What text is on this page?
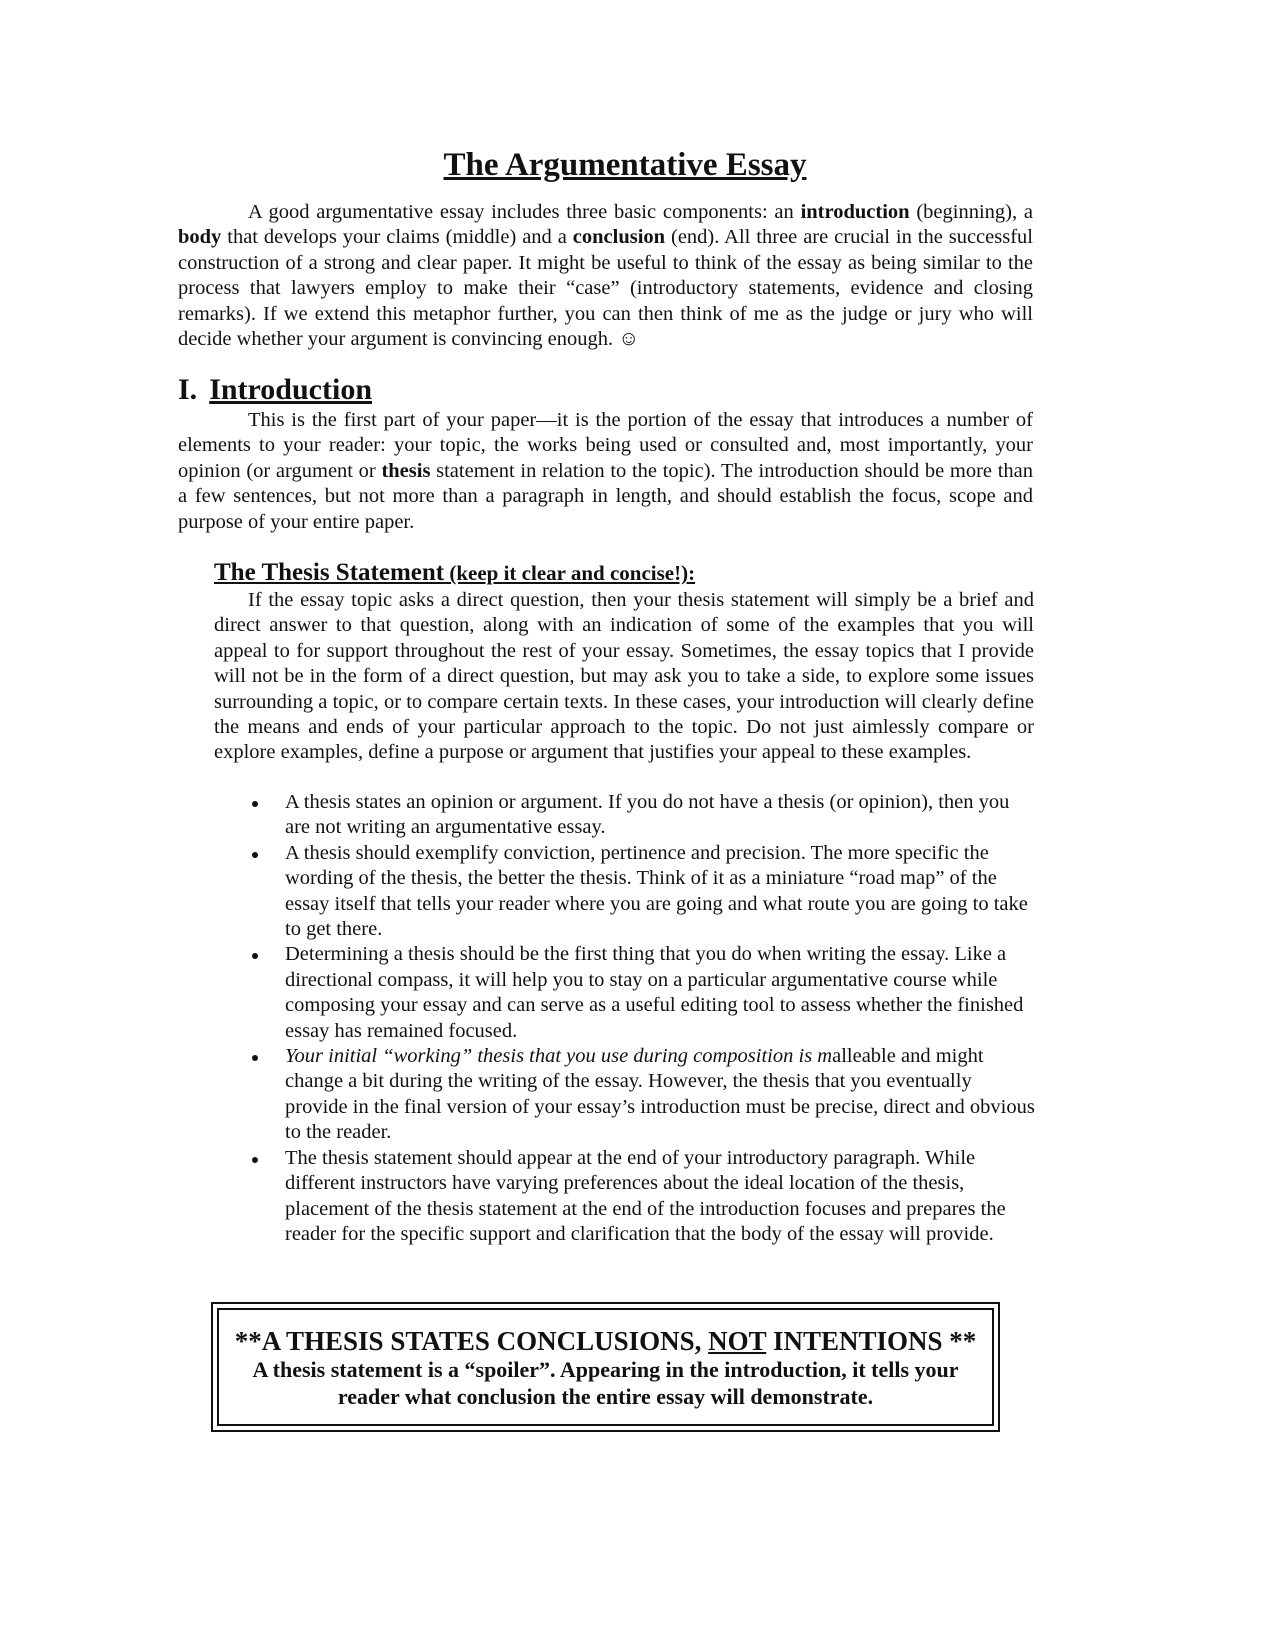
The Argumentative Essay

A good argumentative essay includes three basic components: an introduction (beginning), a body that develops your claims (middle) and a conclusion (end). All three are crucial in the successful construction of a strong and clear paper. It might be useful to think of the essay as being similar to the process that lawyers employ to make their “case” (introductory statements, evidence and closing remarks). If we extend this metaphor further, you can then think of me as the judge or jury who will decide whether your argument is convincing enough. ☺

I. Introduction

This is the first part of your paper—it is the portion of the essay that introduces a number of elements to your reader: your topic, the works being used or consulted and, most importantly, your opinion (or argument or thesis statement in relation to the topic). The introduction should be more than a few sentences, but not more than a paragraph in length, and should establish the focus, scope and purpose of your entire paper.

The Thesis Statement (keep it clear and concise!):

If the essay topic asks a direct question, then your thesis statement will simply be a brief and direct answer to that question, along with an indication of some of the examples that you will appeal to for support throughout the rest of your essay. Sometimes, the essay topics that I provide will not be in the form of a direct question, but may ask you to take a side, to explore some issues surrounding a topic, or to compare certain texts. In these cases, your introduction will clearly define the means and ends of your particular approach to the topic. Do not just aimlessly compare or explore examples, define a purpose or argument that justifies your appeal to these examples.

A thesis states an opinion or argument. If you do not have a thesis (or opinion), then you are not writing an argumentative essay.
A thesis should exemplify conviction, pertinence and precision. The more specific the wording of the thesis, the better the thesis. Think of it as a miniature “road map” of the essay itself that tells your reader where you are going and what route you are going to take to get there.
Determining a thesis should be the first thing that you do when writing the essay. Like a directional compass, it will help you to stay on a particular argumentative course while composing your essay and can serve as a useful editing tool to assess whether the finished essay has remained focused.
Your initial “working” thesis that you use during composition is malleable and might change a bit during the writing of the essay. However, the thesis that you eventually provide in the final version of your essay’s introduction must be precise, direct and obvious to the reader.
The thesis statement should appear at the end of your introductory paragraph. While different instructors have varying preferences about the ideal location of the thesis, placement of the thesis statement at the end of the introduction focuses and prepares the reader for the specific support and clarification that the body of the essay will provide.
**A THESIS STATES CONCLUSIONS, NOT INTENTIONS **
A thesis statement is a “spoiler”. Appearing in the introduction, it tells your reader what conclusion the entire essay will demonstrate.
